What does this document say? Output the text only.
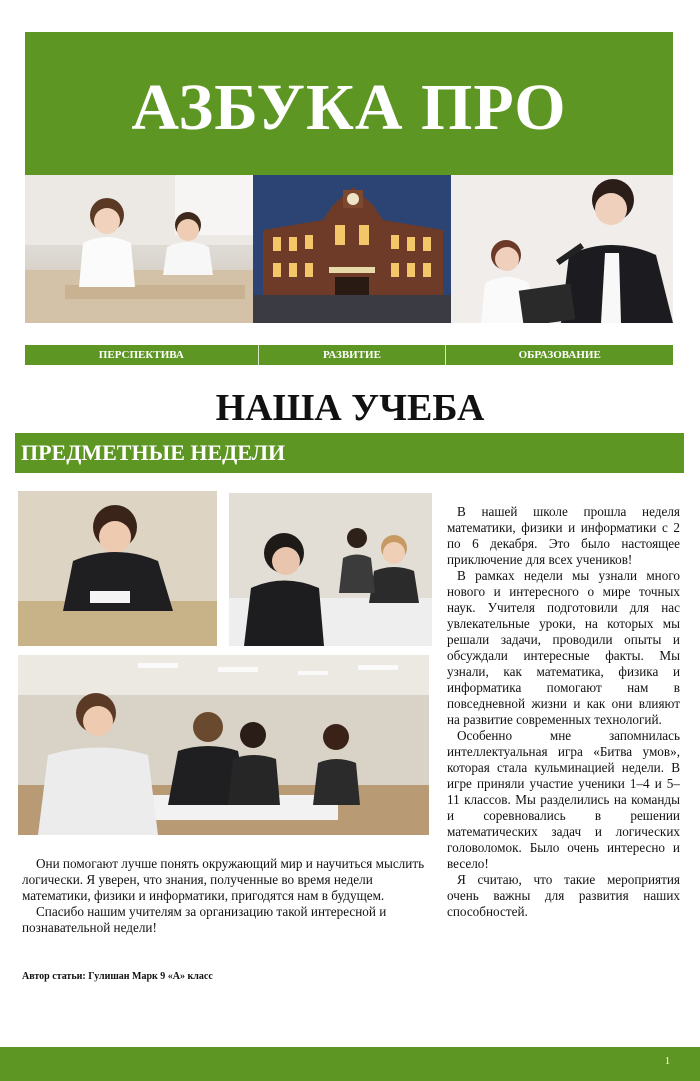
АЗБУКА ПРО
ПЕРСПЕКТИВА	РАЗВИТИЕ	ОБРАЗОВАНИЕ
НАША УЧЕБА
ПРЕДМЕТНЫЕ НЕДЕЛИ

В нашей школе прошла неделя математики, физики и информатики с 2 по 6 декабря. Это было настоящее приключение для всех учеников!

В рамках недели мы узнали много нового и интересного о мире точных наук. Учителя подготовили для нас увлекательные уроки, на которых мы решали задачи, проводили опыты и обсуждали интересные факты. Мы узнали, как математика, физика и информатика помогают нам в повседневной жизни и как они влияют на развитие современных технологий.

Особенно мне запомнилась интеллектуальная игра «Битва умов», которая стала кульминацией недели. В игре приняли участие ученики 1–4 и 5–11 классов. Мы разделились на команды и соревновались в решении математических задач и логических головоломок. Было очень интересно и весело!

Я считаю, что такие мероприятия очень важны для развития наших способностей.

Они помогают лучше понять окружающий мир и научиться мыслить логически. Я уверен, что знания, полученные во время недели математики, физики и информатики, пригодятся нам в будущем.

Спасибо нашим учителям за организацию такой интересной и познавательной недели!

Автор статьи: Гулишан Марк 9 «А» класс
1
